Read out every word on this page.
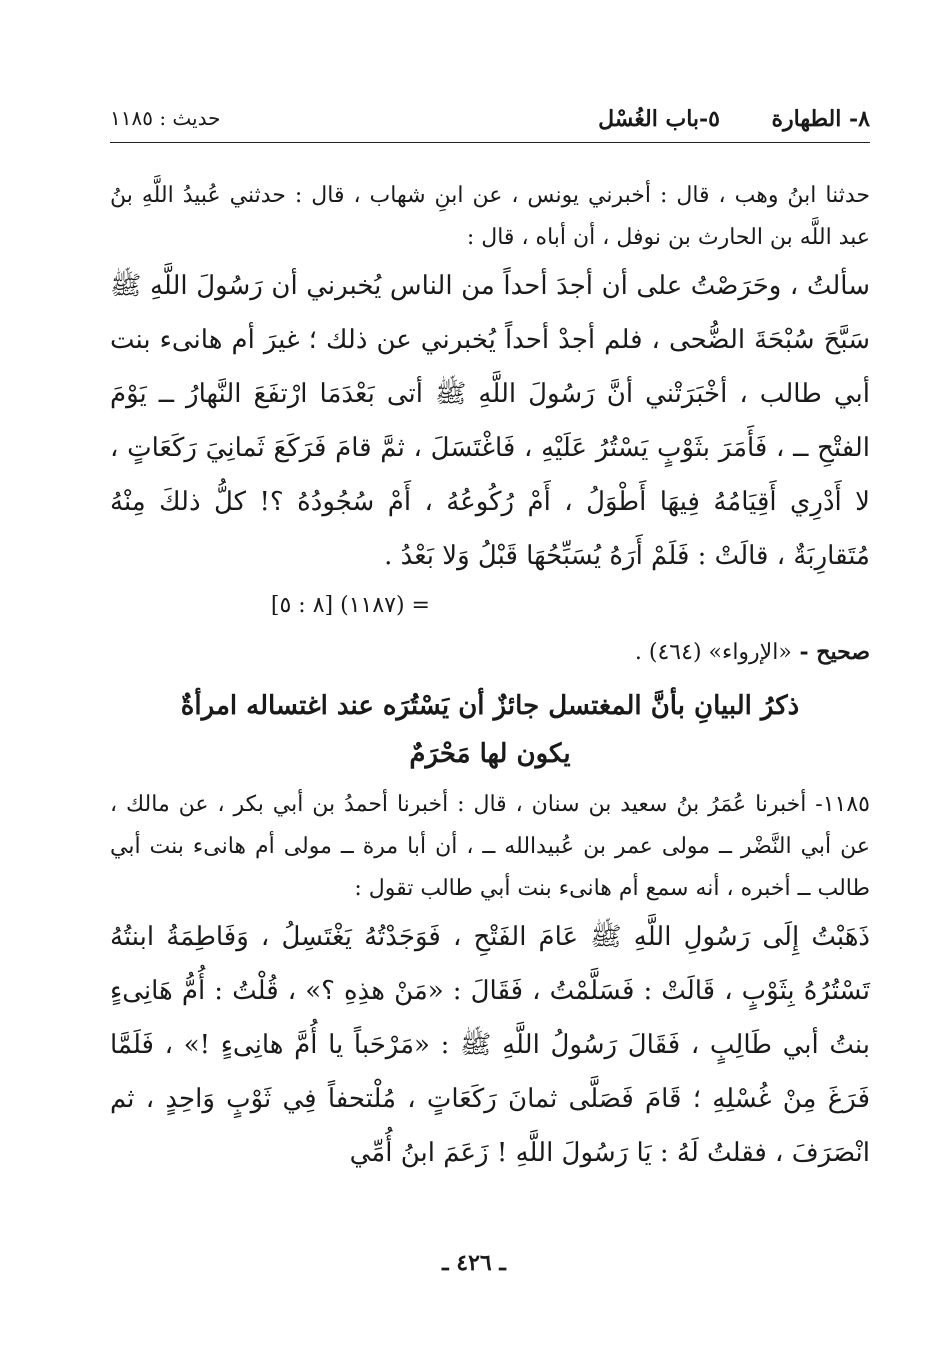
٨- الطهارة
٥-باب الغُسْل
حديث : ١١٨٥

حدثنا ابنُ وهب ، قال : أخبرني يونس ، عن ابنِ شهاب ، قال : حدثني عُبيدُ اللَّهِ بنُ عبد اللَّه بن الحارث بن نوفل ، أن أباه ، قال :

سألتُ ، وحَرَصْتُ على أن أجدَ أحداً من الناس يُخبرني أن رَسُولَ اللَّهِ ﷺ سَبَّحَ سُبْحَةَ الضُّحى ، فلم أجدْ أحداً يُخبرني عن ذلك ؛ غيرَ أم هانىء بنت أبي طالب ، أخْبَرَتْني أنَّ رَسُولَ اللَّهِ ﷺ أتى بَعْدَمَا ارْتفَعَ النَّهارُ ــ يَوْمَ الفتْحِ ــ ، فَأَمَرَ بثَوْبٍ يَسْتُرُ عَلَيْهِ ، فَاغْتَسَلَ ، ثمَّ قامَ فَرَكَعَ ثَمانِيَ رَكَعَاتٍ ، لا أَدْرِي أَقِيَامُهُ فِيهَا أَطْوَلُ ، أَمْ رُكُوعُهُ ، أَمْ سُجُودُهُ ؟! كلُّ ذلكَ مِنْهُ مُتَقارِبَةٌ ، قالَتْ : فَلَمْ أَرَهُ يُسَبِّحُهَا قَبْلُ وَلا بَعْدُ .

= (١١٨٧) [٨ : ٥]

صحيح - «الإرواء» (٤٦٤) .

ذكرُ البيانِ بأنَّ المغتسل جائزٌ أن يَسْتُرَه عند اغتساله امرأةٌ
يكون لها مَحْرَمٌ

١١٨٥- أخبرنا عُمَرُ بنُ سعيد بن سنان ، قال : أخبرنا أحمدُ بن أبي بكر ، عن مالك ، عن أبي النَّضْر ــ مولى عمر بن عُبيدالله ــ ، أن أبا مرة ــ مولى أم هانىء بنت أبي طالب ــ أخبره ، أنه سمع أم هانىء بنت أبي طالب تقول :

ذَهَبْتُ إِلَى رَسُولِ اللَّهِ ﷺ عَامَ الفَتْحِ ، فَوَجَدْتُهُ يَغْتَسِلُ ، وَفَاطِمَةُ ابنتُهُ تَسْتُرُهُ بِثَوْبٍ ، قَالَتْ : فَسَلَّمْتُ ، فَقَالَ : «مَنْ هذِهِ ؟» ، قُلْتُ : أُمُّ هَانِىءٍ بنتُ أبي طَالِبٍ ، فَقَالَ رَسُولُ اللَّهِ ﷺ : «مَرْحَباً يا أُمَّ هانِىءٍ !» ، فَلَمَّا فَرَغَ مِنْ غُسْلِهِ ؛ قَامَ فَصَلَّى ثمانَ رَكَعَاتٍ ، مُلْتحفاً فِي ثَوْبٍ وَاحِدٍ ، ثم انْصَرَفَ ، فقلتُ لَهُ : يَا رَسُولَ اللَّهِ ! زَعَمَ ابنُ أُمِّي

ـ ٤٢٦ ـ
